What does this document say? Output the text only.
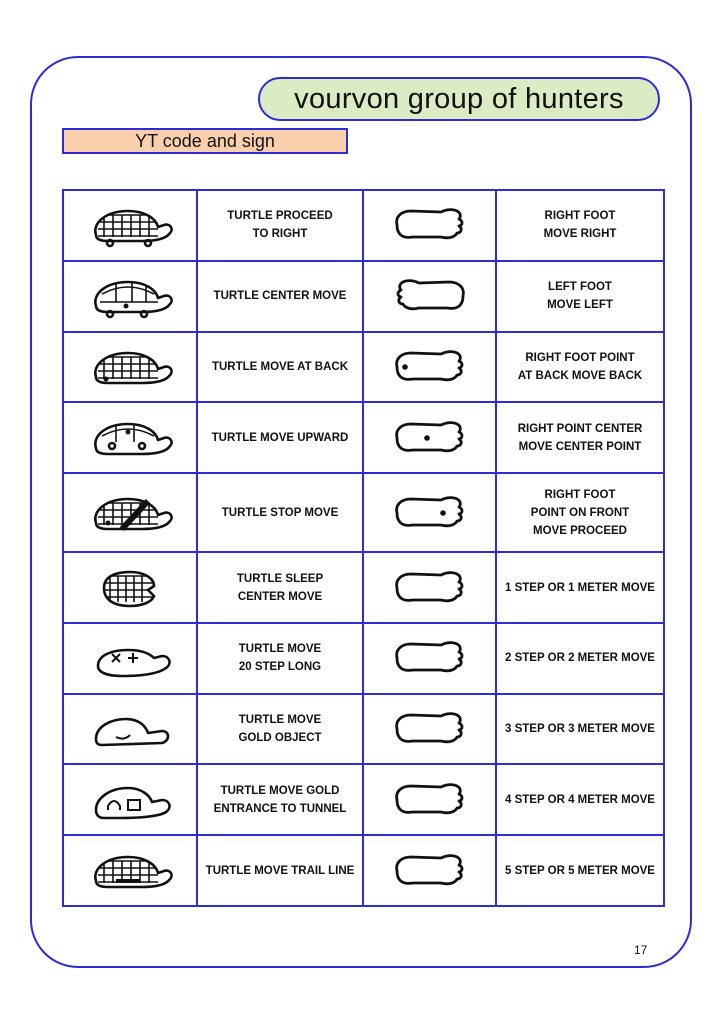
vourvon group of hunters
YT code and sign

TURTLE PROCEED
TO RIGHT		RIGHT FOOT
MOVE RIGHT

TURTLE CENTER MOVE		LEFT FOOT
MOVE LEFT

TURTLE MOVE AT BACK		RIGHT FOOT POINT
AT BACK MOVE BACK

TURTLE MOVE UPWARD		RIGHT POINT CENTER
MOVE CENTER POINT

TURTLE STOP MOVE		RIGHT FOOT
POINT ON FRONT
MOVE PROCEED

TURTLE SLEEP
CENTER MOVE		1 STEP OR 1 METER MOVE

TURTLE MOVE
20 STEP LONG		2 STEP OR 2 METER MOVE

TURTLE MOVE
GOLD OBJECT		3 STEP OR 3 METER MOVE

TURTLE MOVE GOLD
ENTRANCE TO TUNNEL		4 STEP OR 4 METER MOVE

TURTLE MOVE TRAIL LINE		5 STEP OR 5 METER MOVE
17
